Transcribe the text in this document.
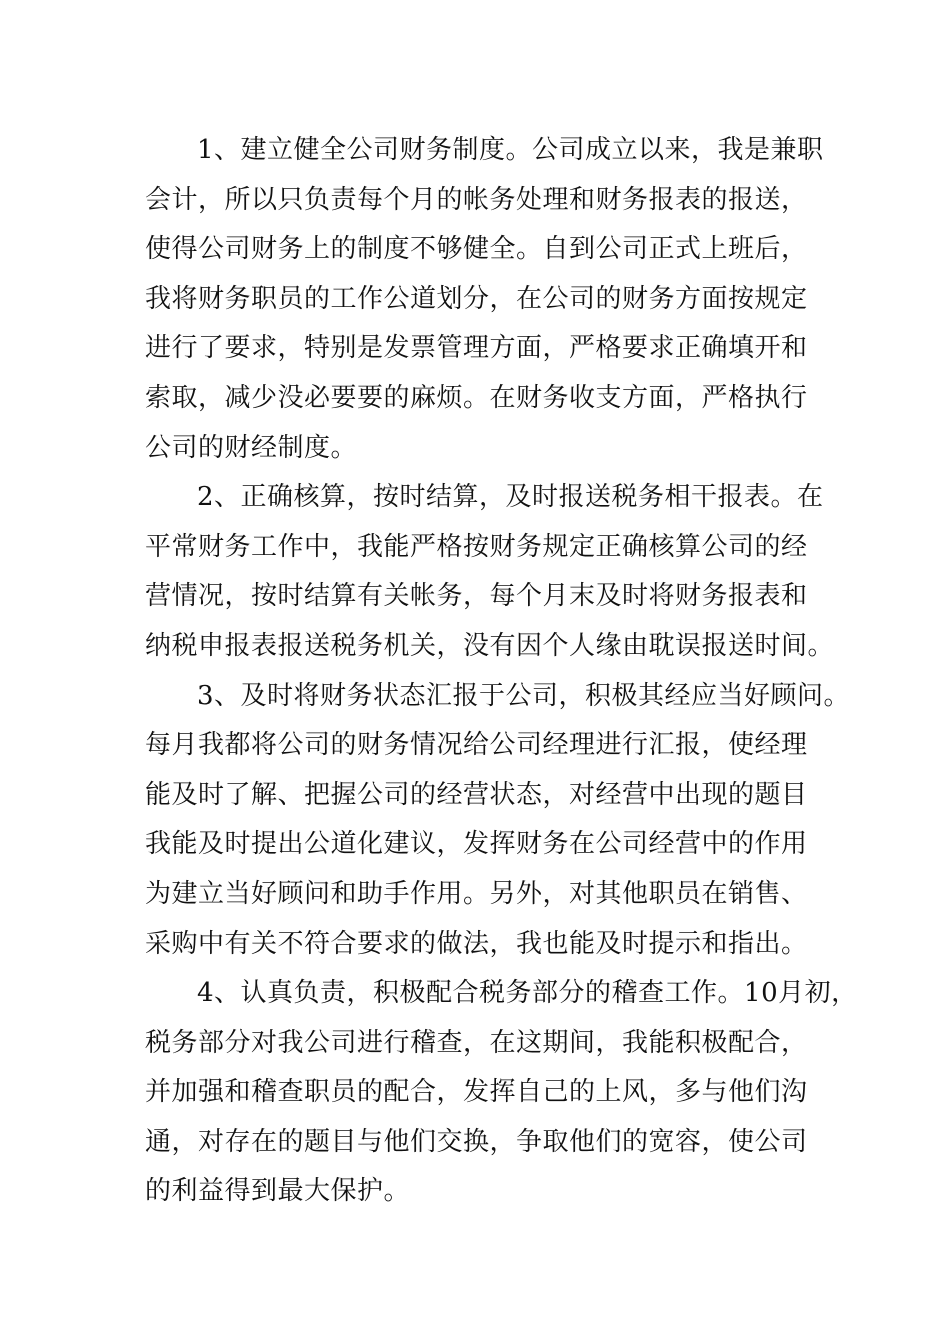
1、建立健全公司财务制度。公司成立以来，我是兼职
会计，所以只负责每个月的帐务处理和财务报表的报送，
使得公司财务上的制度不够健全。自到公司正式上班后，
我将财务职员的工作公道划分，在公司的财务方面按规定
进行了要求，特别是发票管理方面，严格要求正确填开和
索取，减少没必要要的麻烦。在财务收支方面，严格执行
公司的财经制度。
2、正确核算，按时结算，及时报送税务相干报表。在
平常财务工作中，我能严格按财务规定正确核算公司的经
营情况，按时结算有关帐务，每个月末及时将财务报表和
纳税申报表报送税务机关，没有因个人缘由耽误报送时间。
3、及时将财务状态汇报于公司，积极其经应当好顾问。
每月我都将公司的财务情况给公司经理进行汇报，使经理
能及时了解、把握公司的经营状态，对经营中出现的题目
我能及时提出公道化建议，发挥财务在公司经营中的作用
为建立当好顾问和助手作用。另外，对其他职员在销售、
采购中有关不符合要求的做法，我也能及时提示和指出。
4、认真负责，积极配合税务部分的稽查工作。10月初，
税务部分对我公司进行稽查，在这期间，我能积极配合，
并加强和稽查职员的配合，发挥自己的上风，多与他们沟
通，对存在的题目与他们交换，争取他们的宽容，使公司
的利益得到最大保护。
